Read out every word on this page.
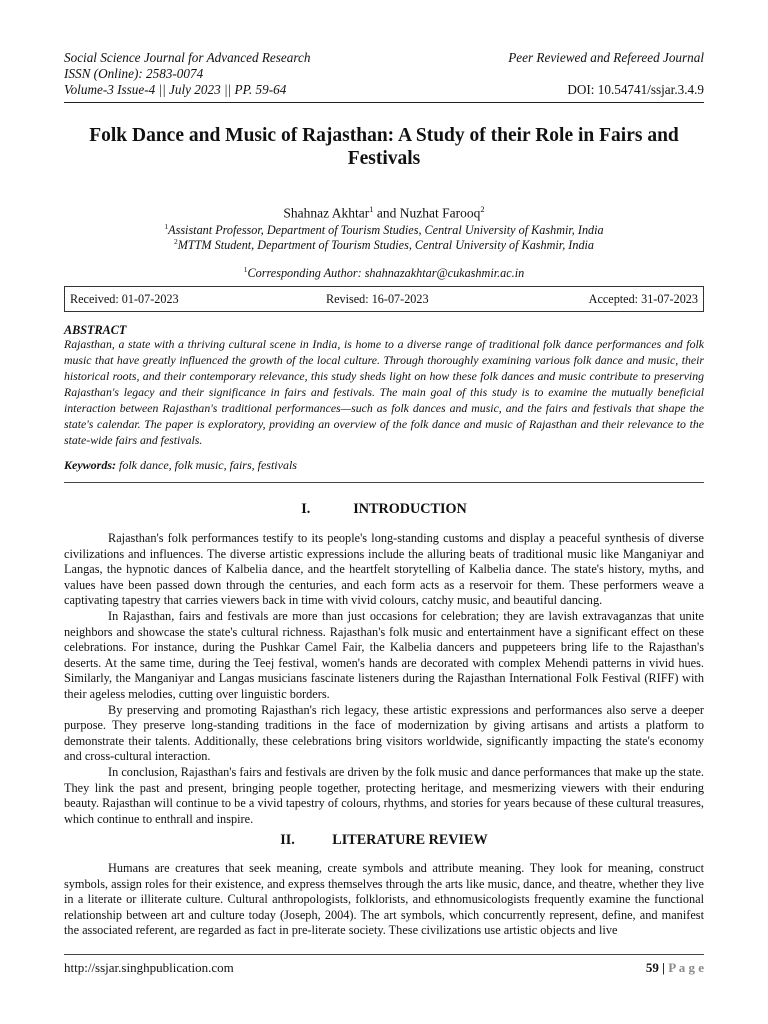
Social Science Journal for Advanced Research
ISSN (Online): 2583-0074
Volume-3 Issue-4 || July 2023 || PP. 59-64
Peer Reviewed and Refereed Journal
DOI: 10.54741/ssjar.3.4.9
Folk Dance and Music of Rajasthan: A Study of their Role in Fairs and Festivals
Shahnaz Akhtar$^1$ and Nuzhat Farooq$^2$
$^1$Assistant Professor, Department of Tourism Studies, Central University of Kashmir, India
$^2$MTTM Student, Department of Tourism Studies, Central University of Kashmir, India
$^1$Corresponding Author: shahnazakhtar@cukashmir.ac.in
Received: 01-07-2023	Revised: 16-07-2023	Accepted: 31-07-2023
ABSTRACT
Rajasthan, a state with a thriving cultural scene in India, is home to a diverse range of traditional folk dance performances and folk music that have greatly influenced the growth of the local culture. Through thoroughly examining various folk dance and music, their historical roots, and their contemporary relevance, this study sheds light on how these folk dances and music contribute to preserving Rajasthan's legacy and their significance in fairs and festivals. The main goal of this study is to examine the mutually beneficial interaction between Rajasthan's traditional performances—such as folk dances and music, and the fairs and festivals that shape the state's calendar. The paper is exploratory, providing an overview of the folk dance and music of Rajasthan and their relevance to the state-wide fairs and festivals.
Keywords: folk dance, folk music, fairs, festivals
I.	INTRODUCTION

Rajasthan's folk performances testify to its people's long-standing customs and display a peaceful synthesis of diverse civilizations and influences. The diverse artistic expressions include the alluring beats of traditional music like Manganiyar and Langas, the hypnotic dances of Kalbelia dance, and the heartfelt storytelling of Kalbelia dance. The state's history, myths, and values have been passed down through the centuries, and each form acts as a reservoir for them. These performers weave a captivating tapestry that carries viewers back in time with vivid colours, catchy music, and beautiful dancing.

In Rajasthan, fairs and festivals are more than just occasions for celebration; they are lavish extravaganzas that unite neighbors and showcase the state's cultural richness. Rajasthan's folk music and entertainment have a significant effect on these celebrations. For instance, during the Pushkar Camel Fair, the Kalbelia dancers and puppeteers bring life to the Rajasthan's deserts. At the same time, during the Teej festival, women's hands are decorated with complex Mehendi patterns in vivid hues. Similarly, the Manganiyar and Langas musicians fascinate listeners during the Rajasthan International Folk Festival (RIFF) with their ageless melodies, cutting over linguistic borders.

By preserving and promoting Rajasthan's rich legacy, these artistic expressions and performances also serve a deeper purpose. They preserve long-standing traditions in the face of modernization by giving artisans and artists a platform to demonstrate their talents. Additionally, these celebrations bring visitors worldwide, significantly impacting the state's economy and cross-cultural interaction.

In conclusion, Rajasthan's fairs and festivals are driven by the folk music and dance performances that make up the state. They link the past and present, bringing people together, protecting heritage, and mesmerizing viewers with their enduring beauty. Rajasthan will continue to be a vivid tapestry of colours, rhythms, and stories for years because of these cultural treasures, which continue to enthrall and inspire.

II.	LITERATURE REVIEW

Humans are creatures that seek meaning, create symbols and attribute meaning. They look for meaning, construct symbols, assign roles for their existence, and express themselves through the arts like music, dance, and theatre, whether they live in a literate or illiterate culture. Cultural anthropologists, folklorists, and ethnomusicologists frequently examine the functional relationship between art and culture today (Joseph, 2004). The art symbols, which concurrently represent, define, and manifest the associated referent, are regarded as fact in pre-literate society. These civilizations use artistic objects and live

http://ssjar.singhpublication.com	59 | P a g e
